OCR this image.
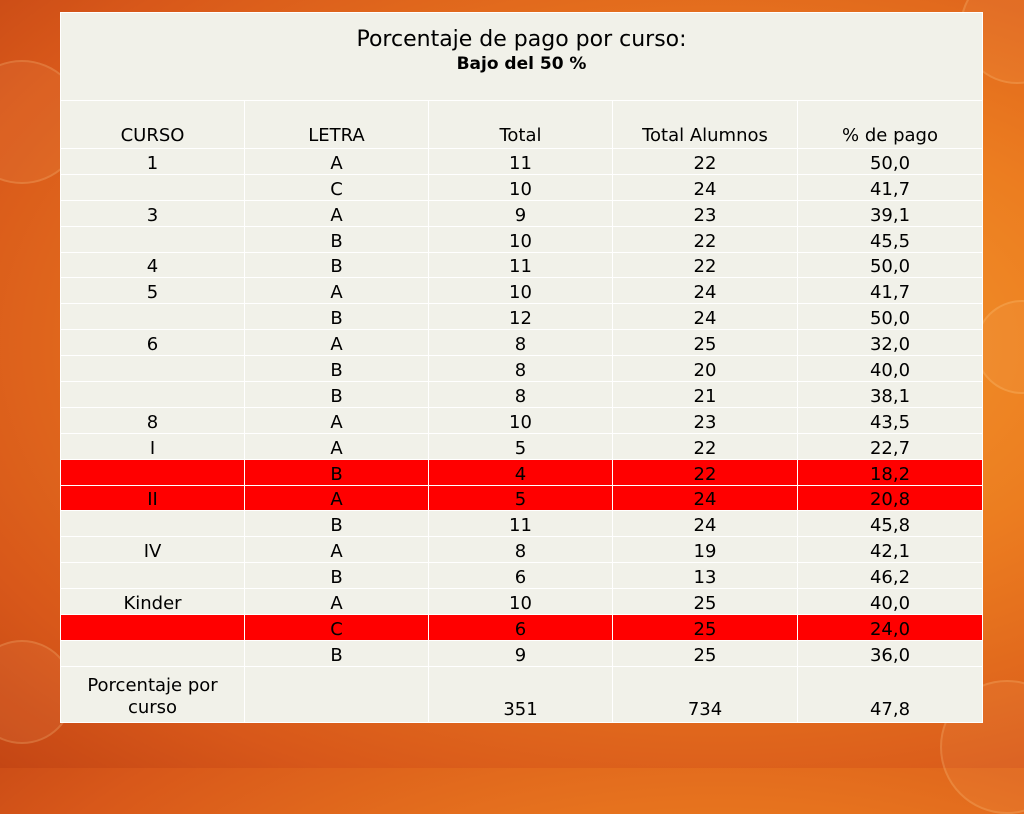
Porcentaje de pago por curso:
Bajo del 50 %				

CURSO	LETRA	Total	Total Alumnos	% de pago
1	A	11	22	50,0
	C	10	24	41,7
3	A	9	23	39,1
	B	10	22	45,5
4	B	11	22	50,0
5	A	10	24	41,7
	B	12	24	50,0
6	A	8	25	32,0
	B	8	20	40,0
	B	8	21	38,1
8	A	10	23	43,5
I	A	5	22	22,7
	B	4	22	18,2
II	A	5	24	20,8
	B	11	24	45,8
IV	A	8	19	42,1
	B	6	13	46,2
Kinder	A	10	25	40,0
	C	6	25	24,0
	B	9	25	36,0
Porcentaje por curso		351	734	47,8
